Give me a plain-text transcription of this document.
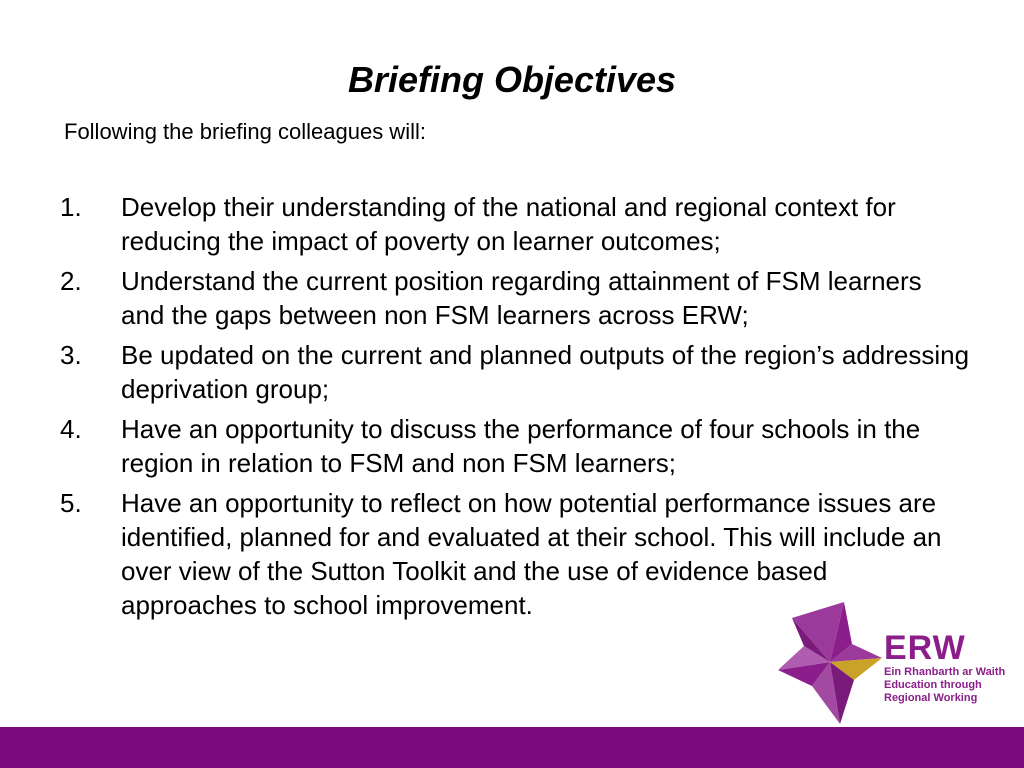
Briefing Objectives

Following the briefing colleagues will:

1. Develop their understanding of the national and regional context for reducing the impact of poverty on learner outcomes;
2. Understand the current position regarding attainment of FSM learners and the gaps between non FSM learners across ERW;
3. Be updated on the current and planned outputs of the region’s addressing deprivation group;
4. Have an opportunity to discuss the performance of four schools in the region in relation to FSM and non FSM learners;
5. Have an opportunity to reflect on how potential performance issues are identified, planned for and evaluated at their school. This will include an over view of the Sutton Toolkit and the use of evidence based approaches to school improvement.
ERW
Ein Rhanbarth ar Waith
Education through
Regional Working
